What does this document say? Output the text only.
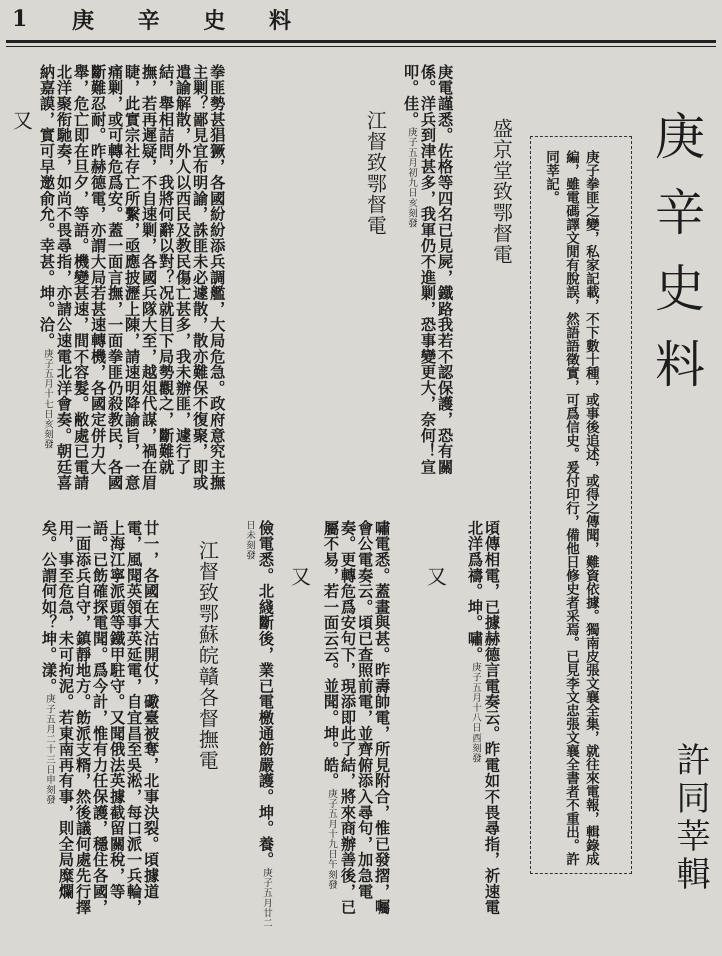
1 庚 辛 史 料
庚辛史料
許同莘輯
庚子拳匪之變，私家記載，不下數十種，或事後追述，或得之傳聞，難資依據。獨南皮張文襄全集，就往來電報，輯錄成編，雖電碼譯文閒有脫誤，然語語徵實，可爲信史。爰付印行，備他日修史者采焉。已見李文忠張文襄全書者不重出。許同莘記。
盛京堂致鄂督電
庚電謹悉。佐格等四名已見屍，鐵路我若不認保護，恐有關係。洋兵到津甚多，我軍仍不進剿，恐事變更大，奈何！宣叩。佳。庚子五月初九日亥刻發
江督致鄂督電
拳匪勢甚猖獗，各國紛紛添兵調艦，大局危急。政府意究主撫主剿？鄙見宜布明諭，誅匪未必遽散，散亦難保不復聚，即或遣諭解散，外人以西民及教民傷亡甚多，我未辦匪，遽行了結，舉相詰問，我將何辭以對？况就目下局勢觀之，斷難就撫，若再遲疑，不自速剿，各國兵隊大至，越俎代謀，禍在眉睫，此實宗社存亡所繫，亟應披瀝上陳，請速明降諭旨，一意痛剿，或可轉危爲安。蓋一面言撫，一面拳匪仍殺教民，各國斷難忍耐。昨赫德電，亦謂大局若甚速轉機，各國定併力大舉，危亡即在旦夕，等語。機變甚速，間不容髮。敝處已電請北洋聚衔馳奏，如尚不畏尋指，亦請公速電北洋會奏。朝廷喜納嘉謨，實可早邀俞允。幸甚。坤。洽。庚子五月十七日亥刻發
又
頃傳相電，已據赫德言電奏云。昨電如不畏尋指，祈速電北洋爲禱。坤。嘯。庚子五月十八日酉刻發
又
嘯電悉。蓋畫與甚。昨壽帥電，所見附合，惟已發摺，囑會公電奏云。頃已查照前電，並齊俯添入尋句，加急電奏。更轉危爲安句下，現添即此了結，將來商辦善後，已屬不易，若一面云云。並聞。坤。皓。庚子五月十九日午刻發
又
儉電悉。北綫斷後，業已電檄通飭嚴護。坤。養。庚子五月廿二日未刻發
江督致鄂蘇皖贛各督撫電
廿一，各國在大沽開仗，礮臺被奪，北事決裂。頃據道電，風聞英領事英延電，自宜昌至吳淞，每口派一兵輪，上海江寧派頭等鐵甲駐守。又聞俄法英據截留關稅，等語。已飭確探電聞。爲今計，惟有力任保護，穩住各國，一面添兵自守，鎮靜地方。飭派支糈，然後議何處先行擇用，事至危急，未可拘泥。若東南再有事，則全局糜爛矣。公謂何如？坤。漾。庚子五月二十三日申刻發
